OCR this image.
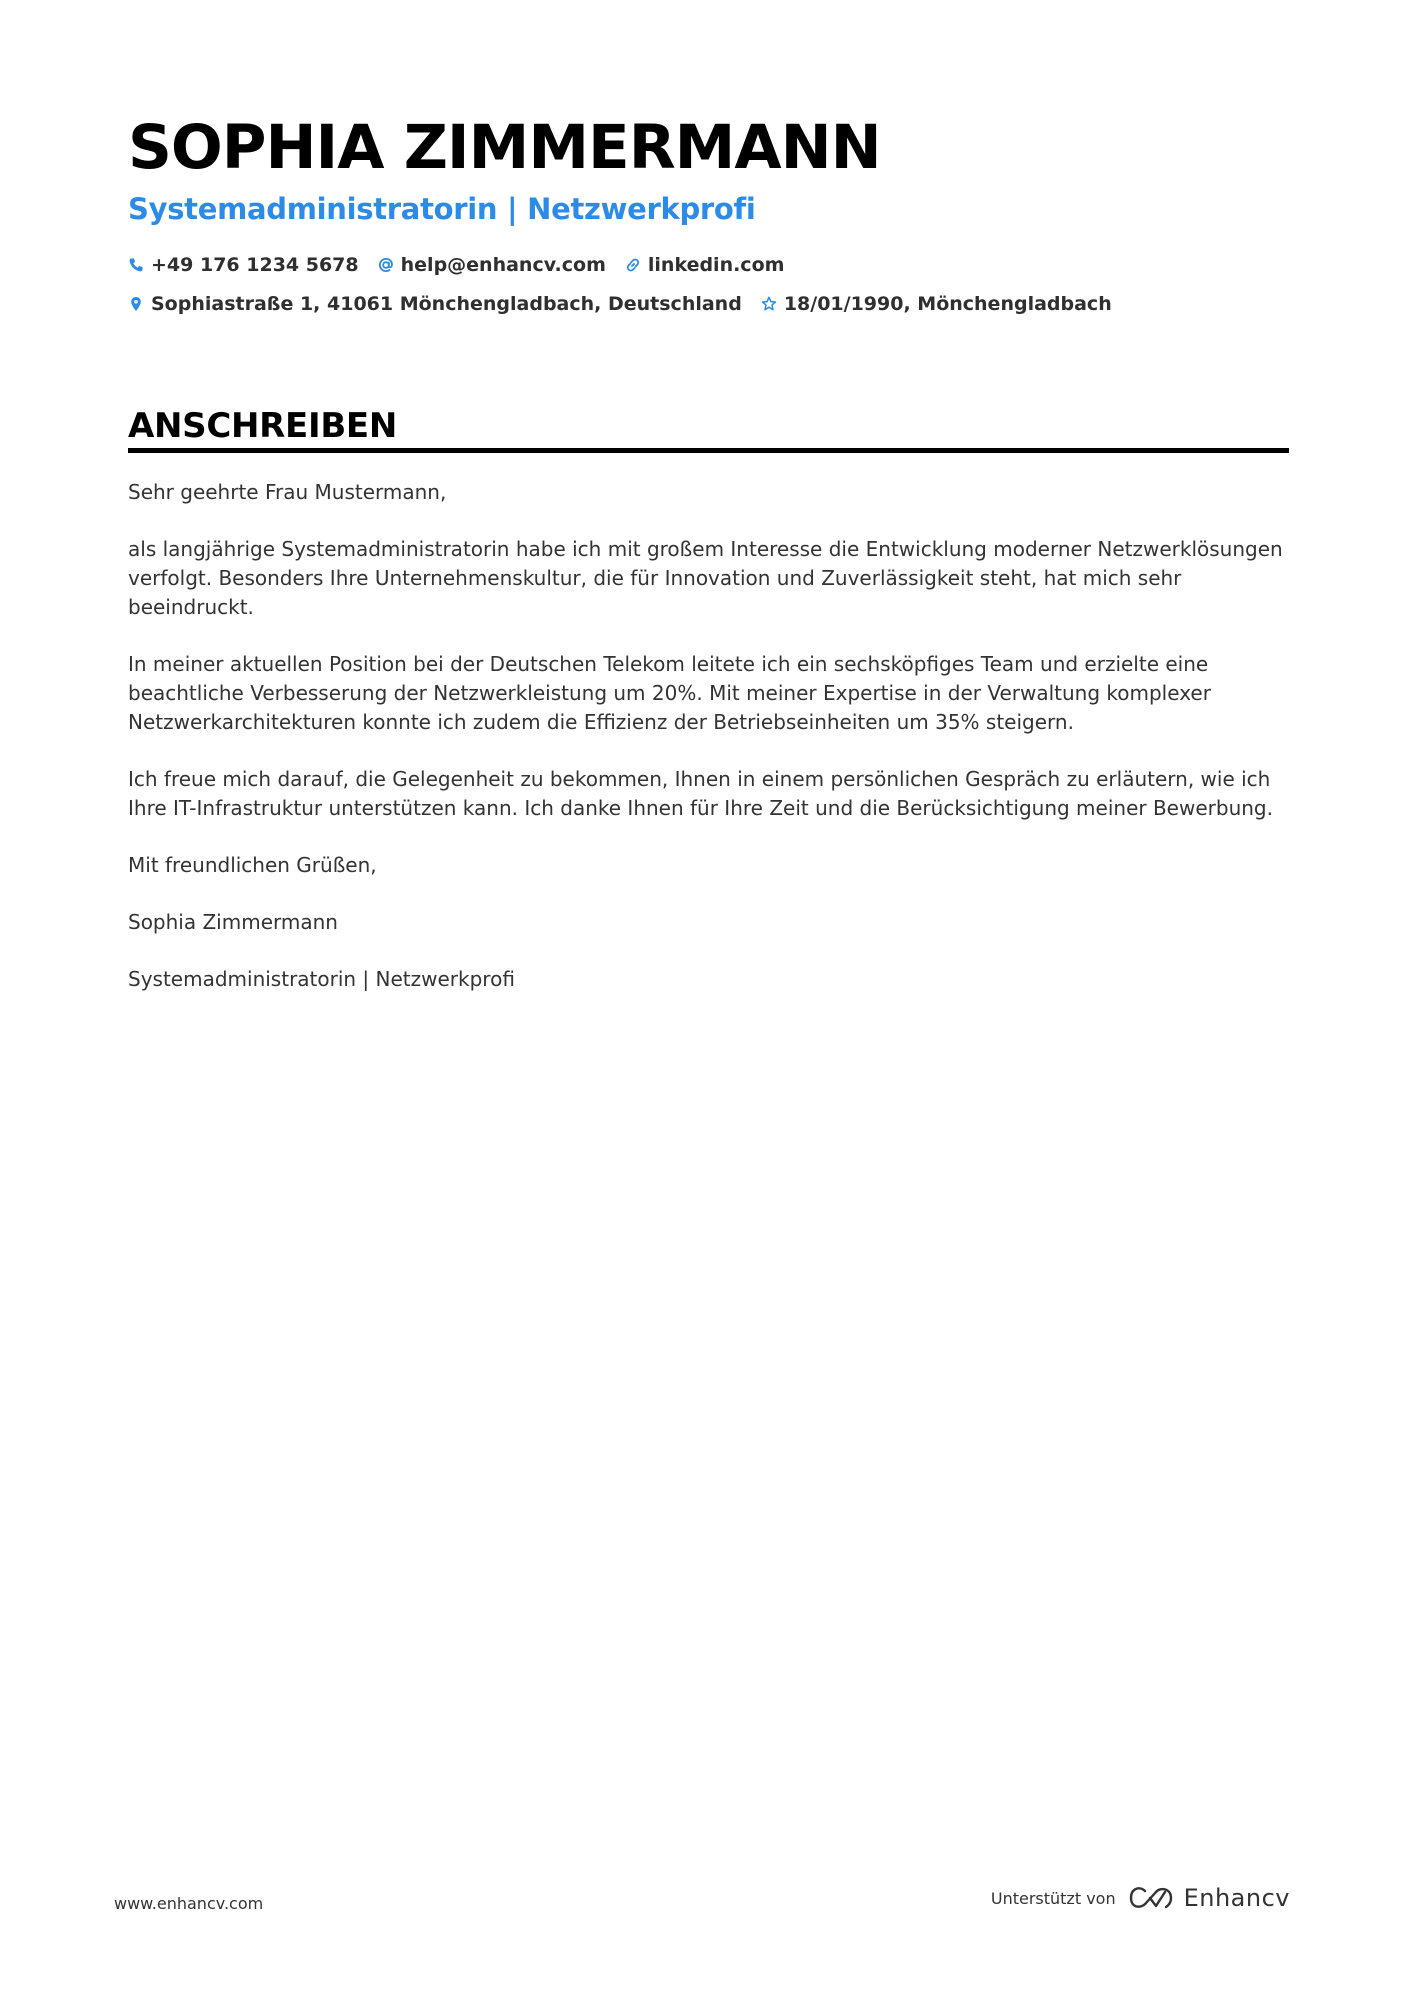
SOPHIA ZIMMERMANN
Systemadministratorin | Netzwerkprofi
+49 176 1234 5678 help@enhancv.com linkedin.com
Sophiastraße 1, 41061 Mönchengladbach, Deutschland 18/01/1990, Mönchengladbach
ANSCHREIBEN

Sehr geehrte Frau Mustermann,

als langjährige Systemadministratorin habe ich mit großem Interesse die Entwicklung moderner Netzwerklösungen verfolgt. Besonders Ihre Unternehmenskultur, die für Innovation und Zuverlässigkeit steht, hat mich sehr beeindruckt.

In meiner aktuellen Position bei der Deutschen Telekom leitete ich ein sechsköpfiges Team und erzielte eine beachtliche Verbesserung der Netzwerkleistung um 20%. Mit meiner Expertise in der Verwaltung komplexer Netzwerkarchitekturen konnte ich zudem die Effizienz der Betriebseinheiten um 35% steigern.

Ich freue mich darauf, die Gelegenheit zu bekommen, Ihnen in einem persönlichen Gespräch zu erläutern, wie ich Ihre IT-Infrastruktur unterstützen kann. Ich danke Ihnen für Ihre Zeit und die Berücksichtigung meiner Bewerbung.

Mit freundlichen Grüßen,

Sophia Zimmermann

Systemadministratorin | Netzwerkprofi

www.enhancv.com	Unterstützt von	Enhancv
